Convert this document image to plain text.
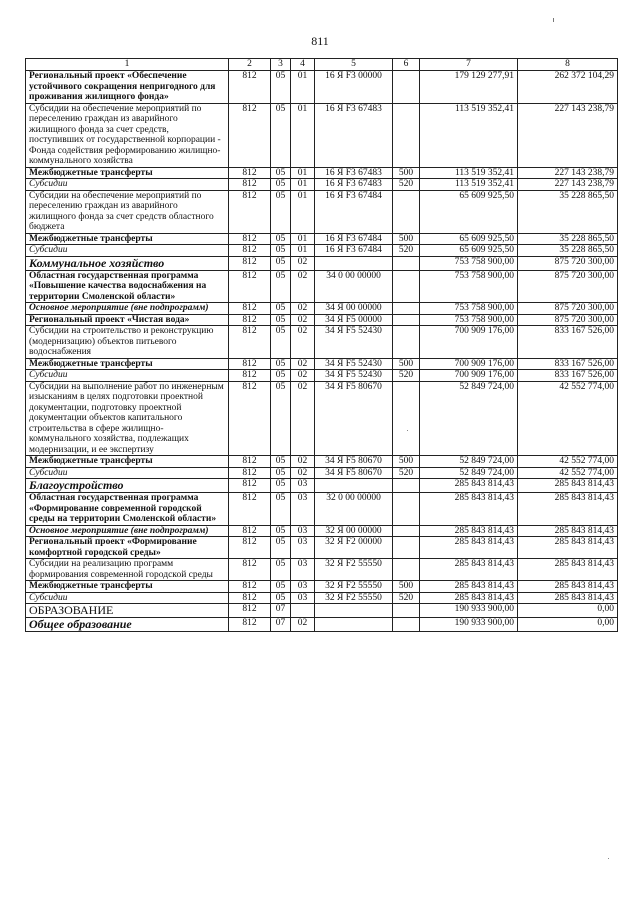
811
1	2	3	4	5	6	7	8
Региональный проект «Обеспечение устойчивого сокращения непригодного для проживания жилищного фонда»	812	05	01	16 Я F3 00000		179 129 277,91	262 372 104,29
Субсидии на обеспечение мероприятий по переселению граждан из аварийного жилищного фонда за счет средств, поступивших от государственной корпорации - Фонда содействия реформированию жилищно-коммунального хозяйства	812	05	01	16 Я F3 67483		113 519 352,41	227 143 238,79
Межбюджетные трансферты	812	05	01	16 Я F3 67483	500	113 519 352,41	227 143 238,79
Субсидии	812	05	01	16 Я F3 67483	520	113 519 352,41	227 143 238,79
Субсидии на обеспечение мероприятий по переселению граждан из аварийного жилищного фонда за счет средств областного бюджета	812	05	01	16 Я F3 67484		65 609 925,50	35 228 865,50
Межбюджетные трансферты	812	05	01	16 Я F3 67484	500	65 609 925,50	35 228 865,50
Субсидии	812	05	01	16 Я F3 67484	520	65 609 925,50	35 228 865,50
Коммунальное хозяйство	812	05	02			753 758 900,00	875 720 300,00
Областная государственная программа «Повышение качества водоснабжения на территории Смоленской области»	812	05	02	34 0 00 00000		753 758 900,00	875 720 300,00
Основное мероприятие (вне подпрограмм)	812	05	02	34 Я 00 00000		753 758 900,00	875 720 300,00
Региональный проект «Чистая вода»	812	05	02	34 Я F5 00000		753 758 900,00	875 720 300,00
Субсидии на строительство и реконструкцию (модернизацию) объектов питьевого водоснабжения	812	05	02	34 Я F5 52430		700 909 176,00	833 167 526,00
Межбюджетные трансферты	812	05	02	34 Я F5 52430	500	700 909 176,00	833 167 526,00
Субсидии	812	05	02	34 Я F5 52430	520	700 909 176,00	833 167 526,00
Субсидии на выполнение работ по инженерным изысканиям в целях подготовки проектной документации, подготовку проектной документации объектов капитального строительства в сфере жилищно-коммунального хозяйства, подлежащих модернизации, и ее экспертизу	812	05	02	34 Я F5 80670		52 849 724,00	42 552 774,00
Межбюджетные трансферты	812	05	02	34 Я F5 80670	500	52 849 724,00	42 552 774,00
Субсидии	812	05	02	34 Я F5 80670	520	52 849 724,00	42 552 774,00
Благоустройство	812	05	03			285 843 814,43	285 843 814,43
Областная государственная программа «Формирование современной городской среды на территории Смоленской области»	812	05	03	32 0 00 00000		285 843 814,43	285 843 814,43
Основное мероприятие (вне подпрограмм)	812	05	03	32 Я 00 00000		285 843 814,43	285 843 814,43
Региональный проект «Формирование комфортной городской среды»	812	05	03	32 Я F2 00000		285 843 814,43	285 843 814,43
Субсидии на реализацию программ формирования современной городской среды	812	05	03	32 Я F2 55550		285 843 814,43	285 843 814,43
Межбюджетные трансферты	812	05	03	32 Я F2 55550	500	285 843 814,43	285 843 814,43
Субсидии	812	05	03	32 Я F2 55550	520	285 843 814,43	285 843 814,43
ОБРАЗОВАНИЕ	812	07				190 933 900,00	0,00
Общее образование	812	07	02			190 933 900,00	0,00
